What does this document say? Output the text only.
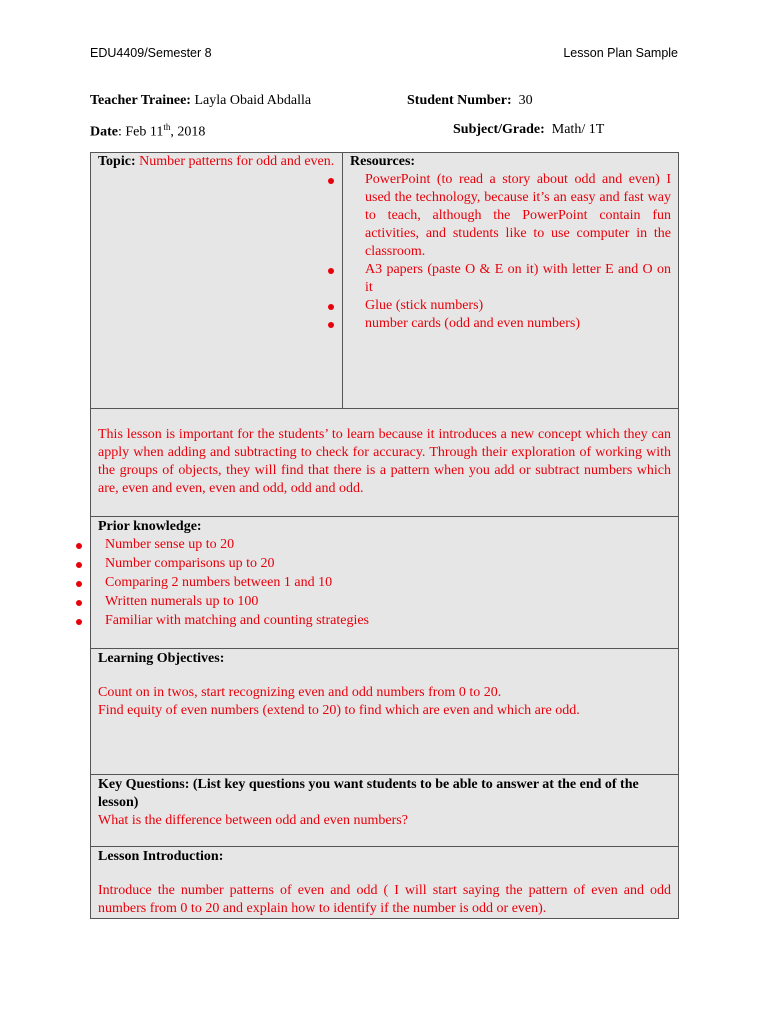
EDU4409/Semester 8	Lesson Plan Sample
Teacher Trainee: Layla Obaid Abdalla	Student Number: 30
Date: Feb 11th, 2018	Subject/Grade: Math/ 1T
Topic: Number patterns for odd and even.	Resources:
PowerPoint (to read a story about odd and even) I used the technology, because it’s an easy and fast way to teach, although the PowerPoint contain fun activities, and students like to use computer in the classroom.
A3 papers (paste O & E on it) with letter E and O on it
Glue (stick numbers)
number cards (odd and even numbers)

This lesson is important for the students’ to learn because it introduces a new concept which they can apply when adding and subtracting to check for accuracy. Through their exploration of working with the groups of objects, they will find that there is a pattern when you add or subtract numbers which are, even and even, even and odd, odd and odd.

Prior knowledge:
Number sense up to 20
Number comparisons up to 20
Comparing 2 numbers between 1 and 10
Written numerals up to 100
Familiar with matching and counting strategies

Learning Objectives:
Count on in twos, start recognizing even and odd numbers from 0 to 20.
Find equity of even numbers (extend to 20) to find which are even and which are odd.

Key Questions: (List key questions you want students to be able to answer at the end of the lesson)
What is the difference between odd and even numbers?

Lesson Introduction:
Introduce the number patterns of even and odd ( I will start saying the pattern of even and odd numbers from 0 to 20 and explain how to identify if the number is odd or even).
